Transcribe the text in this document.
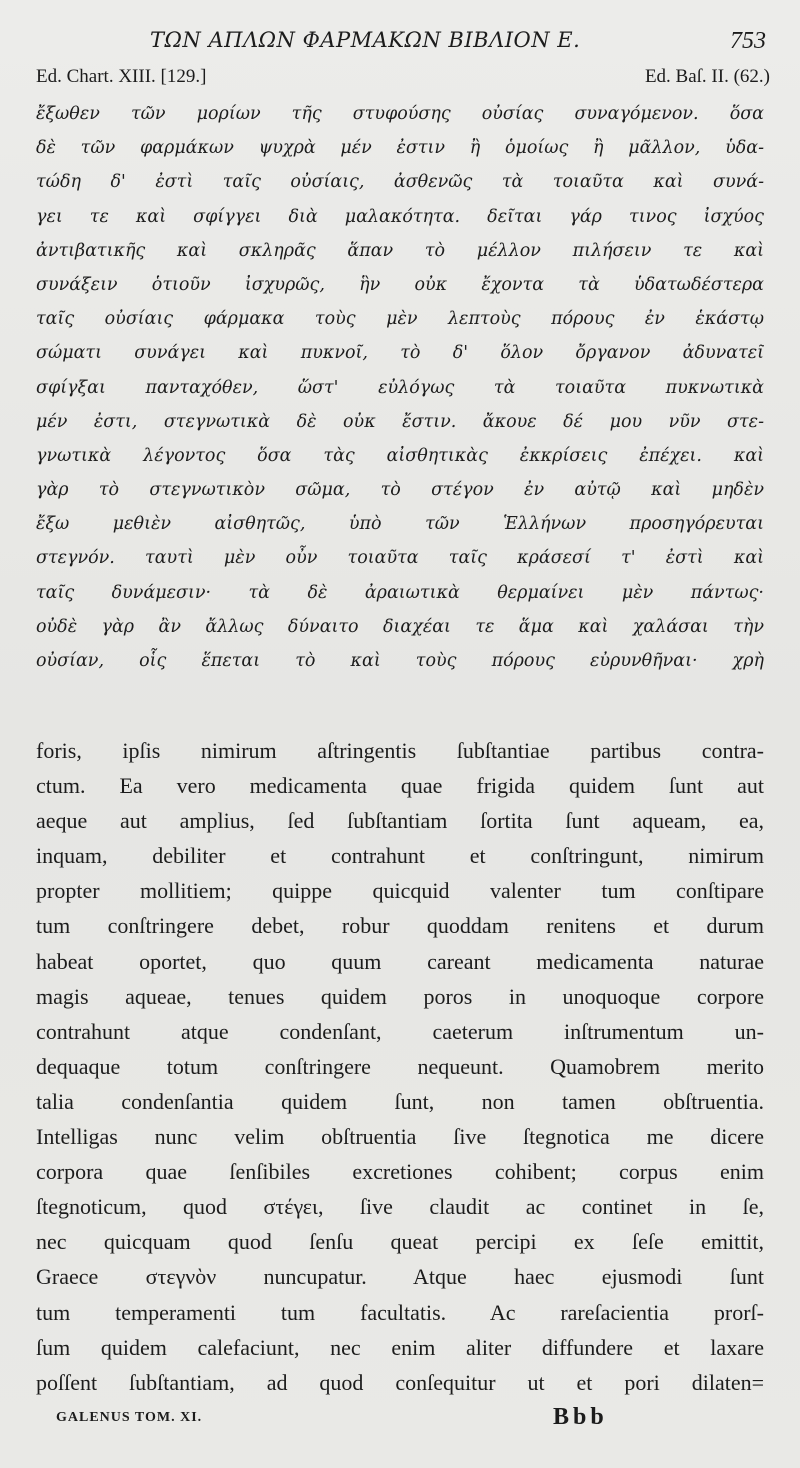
ΤΩΝ ΑΠΛΩΝ ΦΑΡΜΑΚΩΝ ΒΙΒΛΙΟΝ Ε.	753
Ed. Chart. XIII. [129.]	Ed. Baſ. II. (62.)
ἔξωθεν τῶν μορίων τῆς στυφούσης οὐσίας συναγόμενον. ὅσα
δὲ τῶν φαρμάκων ψυχρὰ μέν ἐστιν ἢ ὁμοίως ἢ μᾶλλον, ὑδα-
τώδη δ' ἐστὶ ταῖς οὐσίαις, ἀσθενῶς τὰ τοιαῦτα καὶ συνά-
γει τε καὶ σφίγγει διὰ μαλακότητα. δεῖται γάρ τινος ἰσχύος
ἀντιβατικῆς καὶ σκληρᾶς ἅπαν τὸ μέλλον πιλήσειν τε καὶ
συνάξειν ὁτιοῦν ἰσχυρῶς, ἣν οὐκ ἔχοντα τὰ ὑδατωδέστερα
ταῖς οὐσίαις φάρμακα τοὺς μὲν λεπτοὺς πόρους ἐν ἑκάστῳ
σώματι συνάγει καὶ πυκνοῖ, τὸ δ' ὅλον ὄργανον ἀδυνατεῖ
σφίγξαι πανταχόθεν, ὥστ' εὐλόγως τὰ τοιαῦτα πυκνωτικὰ
μέν ἐστι, στεγνωτικὰ δὲ οὐκ ἔστιν. ἄκουε δέ μου νῦν στε-
γνωτικὰ λέγοντος ὅσα τὰς αἰσθητικὰς ἐκκρίσεις ἐπέχει. καὶ
γὰρ τὸ στεγνωτικὸν σῶμα, τὸ στέγον ἐν αὐτῷ καὶ μηδὲν
ἔξω μεθιὲν αἰσθητῶς, ὑπὸ τῶν Ἑλλήνων προσηγόρευται
στεγνόν. ταυτὶ μὲν οὖν τοιαῦτα ταῖς κράσεσί τ' ἐστὶ καὶ
ταῖς δυνάμεσιν· τὰ δὲ ἀραιωτικὰ θερμαίνει μὲν πάντως·
οὐδὲ γὰρ ἂν ἄλλως δύναιτο διαχέαι τε ἅμα καὶ χαλάσαι τὴν
οὐσίαν, οἷς ἕπεται τὸ καὶ τοὺς πόρους εὐρυνθῆναι· χρὴ
foris, ipſis nimirum aſtringentis ſubſtantiae partibus contra-
ctum. Ea vero medicamenta quae frigida quidem ſunt aut
aeque aut amplius, ſed ſubſtantiam ſortita ſunt aqueam, ea,
inquam, debiliter et contrahunt et conſtringunt, nimirum
propter mollitiem; quippe quicquid valenter tum conſtipare
tum conſtringere debet, robur quoddam renitens et durum
habeat oportet, quo quum careant medicamenta naturae
magis aqueae, tenues quidem poros in unoquoque corpore
contrahunt atque condenſant, caeterum inſtrumentum un-
dequaque totum conſtringere nequeunt. Quamobrem merito
talia condenſantia quidem ſunt, non tamen obſtruentia.
Intelligas nunc velim obſtruentia ſive ſtegnotica me dicere
corpora quae ſenſibiles excretiones cohibent; corpus enim
ſtegnoticum, quod στέγει, ſive claudit ac continet in ſe,
nec quicquam quod ſenſu queat percipi ex ſeſe emittit,
Graece στεγνὸν nuncupatur. Atque haec ejusmodi ſunt
tum temperamenti tum facultatis. Ac rareſacientia prorſ-
ſum quidem calefaciunt, nec enim aliter diffundere et laxare
poſſent ſubſtantiam, ad quod conſequitur ut et pori dilaten=
GALENUS TOM. XI.	Bbb
